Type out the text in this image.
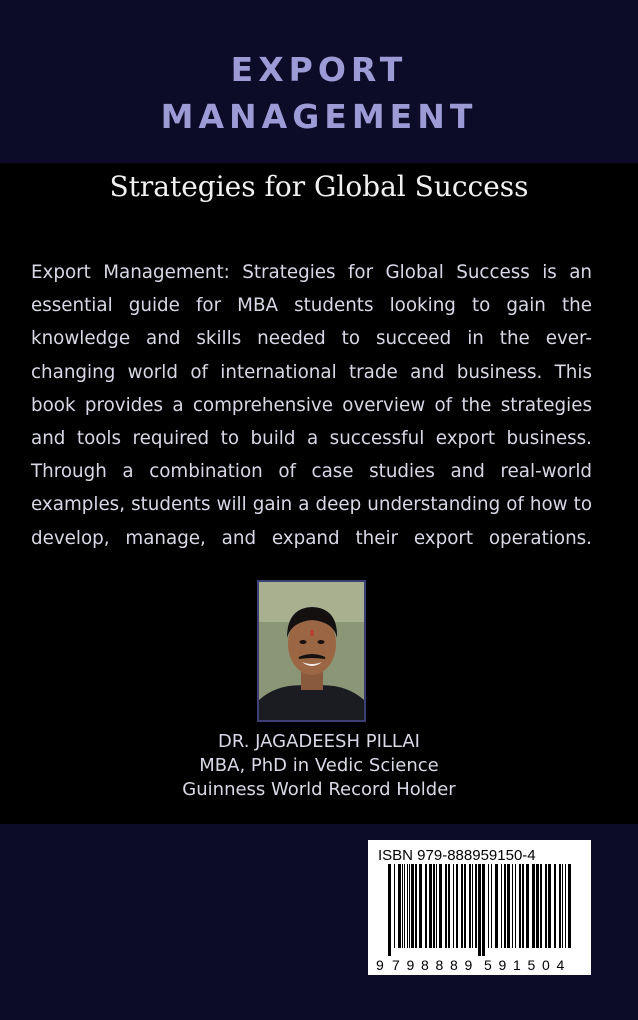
EXPORT
MANAGEMENT
Strategies for Global Success

Export Management: Strategies for Global Success is an essential guide for MBA students looking to gain the knowledge and skills needed to succeed in the ever-changing world of international trade and business. This book provides a comprehensive overview of the strategies and tools required to build a successful export business. Through a combination of case studies and real-world examples, students will gain a deep understanding of how to develop, manage, and expand their export operations.

DR. JAGADEESH PILLAI
MBA, PhD in Vedic Science
Guinness World Record Holder
ISBN 979-888959150-4
9 7 9 8 8 8 9 5 9 1 5 0 4
